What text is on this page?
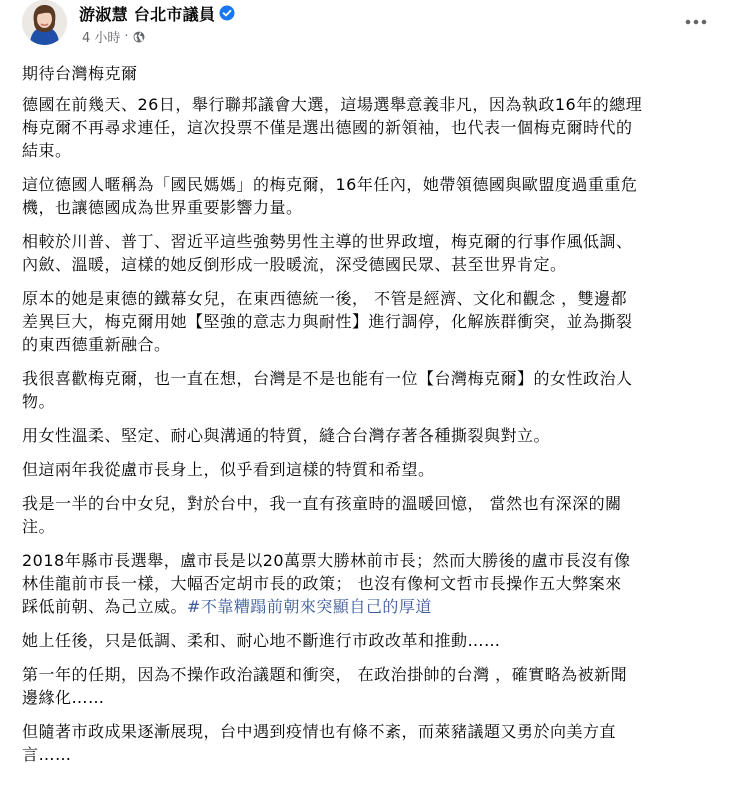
游淑慧 台北市議員
4 小時 ·

期待台灣梅克爾

德國在前幾天、26日，舉行聯邦議會大選，這場選舉意義非凡，因為執政16年的總理
梅克爾不再尋求連任，這次投票不僅是選出德國的新領袖，也代表一個梅克爾時代的
結束。

這位德國人暱稱為「國民媽媽」的梅克爾，16年任內，她帶領德國與歐盟度過重重危
機，也讓德國成為世界重要影響力量。

相較於川普、普丁、習近平這些強勢男性主導的世界政壇，梅克爾的行事作風低調、
內斂、溫暖，這樣的她反倒形成一股暖流，深受德國民眾、甚至世界肯定。

原本的她是東德的鐵幕女兒，在東西德統一後， 不管是經濟、文化和觀念 ，雙邊都
差異巨大，梅克爾用她【堅強的意志力與耐性】進行調停，化解族群衝突，並為撕裂
的東西德重新融合。

我很喜歡梅克爾，也一直在想，台灣是不是也能有一位【台灣梅克爾】的女性政治人
物。

用女性溫柔、堅定、耐心與溝通的特質，縫合台灣存著各種撕裂與對立。

但這兩年我從盧市長身上，似乎看到這樣的特質和希望。

我是一半的台中女兒，對於台中，我一直有孩童時的溫暖回憶， 當然也有深深的關
注。

2018年縣市長選舉，盧市長是以20萬票大勝林前市長；然而大勝後的盧市長沒有像
林佳龍前市長一樣，大幅否定胡市長的政策； 也沒有像柯文哲市長操作五大弊案來
踩低前朝、為己立威。#不靠糟蹋前朝來突顯自己的厚道

她上任後，只是低調、柔和、耐心地不斷進行市政改革和推動……

第一年的任期，因為不操作政治議題和衝突， 在政治掛帥的台灣 ，確實略為被新聞
邊緣化……

但隨著市政成果逐漸展現，台中遇到疫情也有條不紊，而萊豬議題又勇於向美方直
言……
